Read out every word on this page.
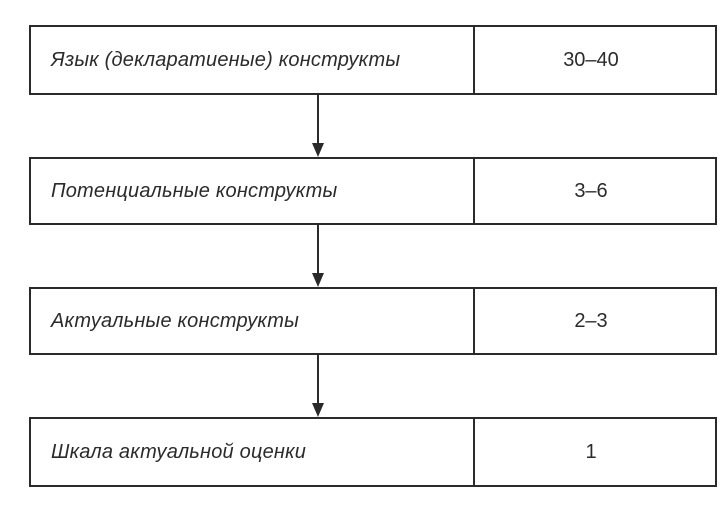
Язык (декларатиеные) конструкты	30–40
Потенциальные конструкты	3–6
Актуальные конструкты	2–3
Шкала актуальной оценки	1
